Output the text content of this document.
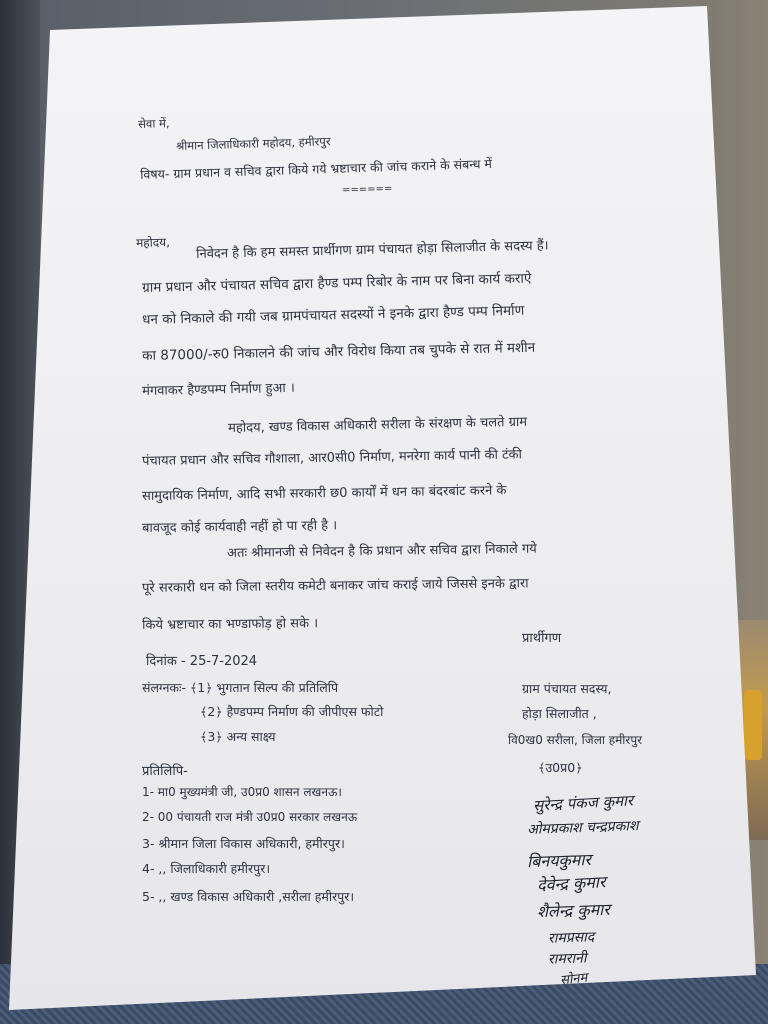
सेवा में,
श्रीमान जिलाधिकारी महोदय, हमीरपुर
विषय- ग्राम प्रधान व सचिव द्वारा किये गये भ्रष्टाचार की जांच कराने के संबन्ध में
======
महोदय, निवेदन है कि हम समस्त प्रार्थीगण ग्राम पंचायत होड़ा सिलाजीत के सदस्य हैं।
ग्राम प्रधान और पंचायत सचिव द्वारा हैण्ड पम्प रिबोर के नाम पर बिना कार्य कराऐ
धन को निकाले की गयी जब ग्रामपंचायत सदस्यों ने इनके द्वारा हैण्ड पम्प निर्माण
का 87000/-रु0 निकालने की जांच और विरोध किया तब चुपके से रात में मशीन
मंगवाकर हैण्डपम्प निर्माण हुआ ।
महोदय, खण्ड विकास अधिकारी सरीला के संरक्षण के चलते ग्राम
पंचायत प्रधान और सचिव गौशाला, आर0सी0 निर्माण, मनरेगा कार्य पानी की टंकी
सामुदायिक निर्माण, आदि सभी सरकारी छ0 कार्यों में धन का बंदरबांट करने के
बावजूद कोई कार्यवाही नहीं हो पा रही है ।
अतः श्रीमानजी से निवेदन है कि प्रधान और सचिव द्वारा निकाले गये
पूरे सरकारी धन को जिला स्तरीय कमेटी बनाकर जांच कराई जाये जिससे इनके द्वारा
किये भ्रष्टाचार का भण्डाफोड़ हो सके ।
प्रार्थीगण
दिनांक - 25-7-2024
संलग्नकः- ﴾1﴿ भुगतान सिल्प की प्रतिलिपि
﴾2﴿ हैण्डपम्प निर्माण की जीपीएस फोटो
﴾3﴿ अन्य साक्ष्य
ग्राम पंचायत सदस्य,
होड़ा सिलाजीत ,
वि0ख0 सरीला, जिला हमीरपुर
﴾उ0प्र0﴿
प्रतिलिपि-
1- मा0 मुख्यमंत्री जी, उ0प्र0 शासन लखनऊ।
2- 00 पंचायती राज मंत्री उ0प्र0 सरकार लखनऊ
3- श्रीमान जिला विकास अधिकारी, हमीरपुर।
4- ,, जिलाधिकारी हमीरपुर।
5- ,, खण्ड विकास अधिकारी ,सरीला हमीरपुर।
सुरेन्द्र पंकज कुमार
ओमप्रकाश चन्द्रप्रकाश
बिनयकुमार
देवेन्द्र कुमार
शैलेन्द्र कुमार
रामप्रसाद
रामरानी
सोनम
